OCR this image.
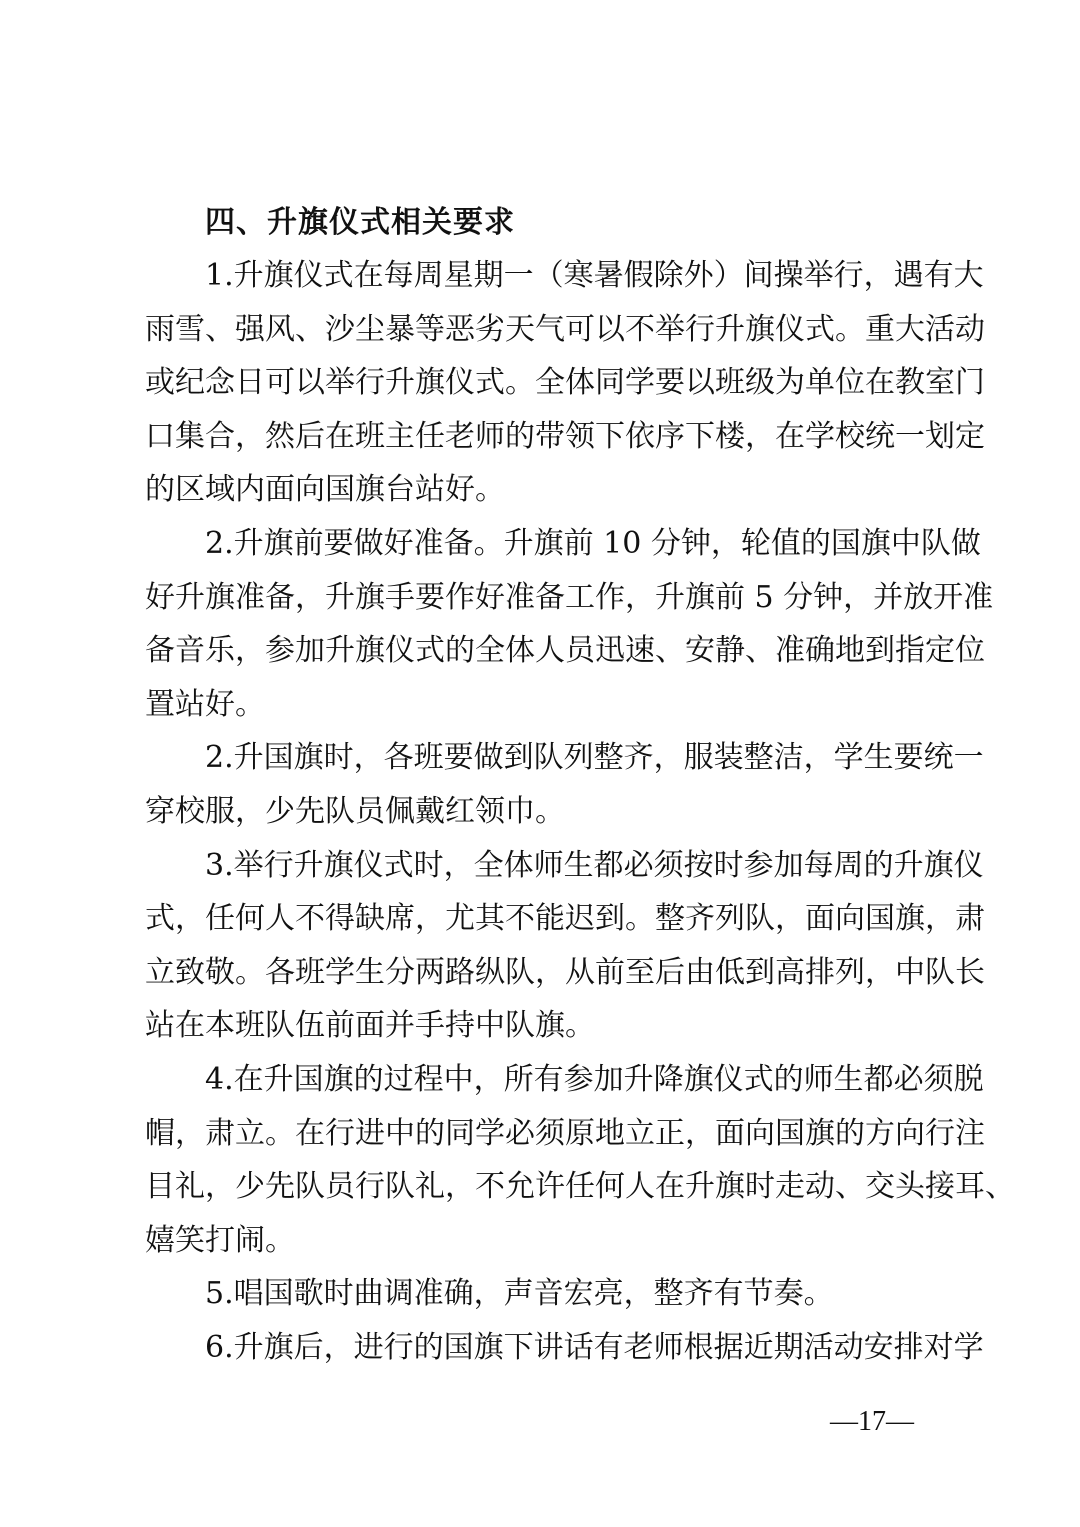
四、升旗仪式相关要求
1.升旗仪式在每周星期一（寒暑假除外）间操举行，遇有大
雨雪、强风、沙尘暴等恶劣天气可以不举行升旗仪式。重大活动
或纪念日可以举行升旗仪式。全体同学要以班级为单位在教室门
口集合，然后在班主任老师的带领下依序下楼，在学校统一划定
的区域内面向国旗台站好。
2.升旗前要做好准备。升旗前 10 分钟，轮值的国旗中队做
好升旗准备，升旗手要作好准备工作，升旗前 5 分钟，并放开准
备音乐，参加升旗仪式的全体人员迅速、安静、准确地到指定位
置站好。
2.升国旗时，各班要做到队列整齐，服装整洁，学生要统一
穿校服，少先队员佩戴红领巾。
3.举行升旗仪式时，全体师生都必须按时参加每周的升旗仪
式，任何人不得缺席，尤其不能迟到。整齐列队，面向国旗，肃
立致敬。各班学生分两路纵队，从前至后由低到高排列，中队长
站在本班队伍前面并手持中队旗。
4.在升国旗的过程中，所有参加升降旗仪式的师生都必须脱
帽，肃立。在行进中的同学必须原地立正，面向国旗的方向行注
目礼，少先队员行队礼，不允许任何人在升旗时走动、交头接耳、
嬉笑打闹。
5.唱国歌时曲调准确，声音宏亮，整齐有节奏。
6.升旗后，进行的国旗下讲话有老师根据近期活动安排对学
—17—
